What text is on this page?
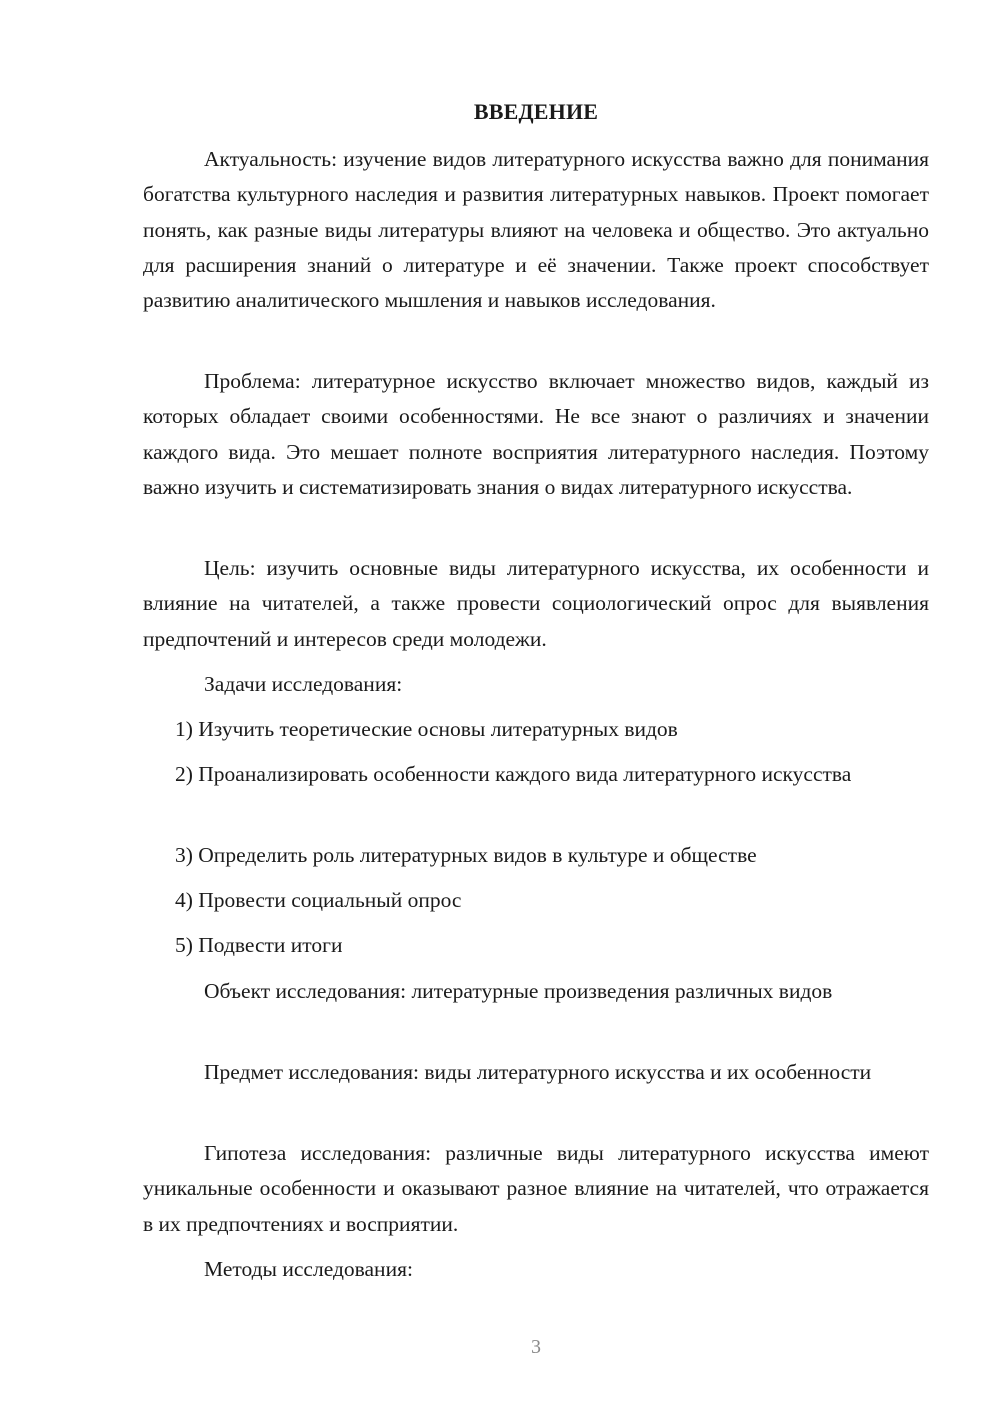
ВВЕДЕНИЕ

Актуальность: изучение видов литературного искусства важно для понимания богатства культурного наследия и развития литературных навыков. Проект помогает понять, как разные виды литературы влияют на человека и общество. Это актуально для расширения знаний о литературе и её значении. Также проект способствует развитию аналитического мышления и навыков исследования.

Проблема: литературное искусство включает множество видов, каждый из которых обладает своими особенностями. Не все знают о различиях и значении каждого вида. Это мешает полноте восприятия литературного наследия. Поэтому важно изучить и систематизировать знания о видах литературного искусства.

Цель: изучить основные виды литературного искусства, их особенности и влияние на читателей, а также провести социологический опрос для выявления предпочтений и интересов среди молодежи.

Задачи исследования:

1) Изучить теоретические основы литературных видов

2) Проанализировать особенности каждого вида литературного искусства

3) Определить роль литературных видов в культуре и обществе

4) Провести социальный опрос

5) Подвести итоги

Объект исследования: литературные произведения различных видов

Предмет исследования: виды литературного искусства и их особенности

Гипотеза исследования: различные виды литературного искусства имеют уникальные особенности и оказывают разное влияние на читателей, что отражается в их предпочтениях и восприятии.

Методы исследования:

3
